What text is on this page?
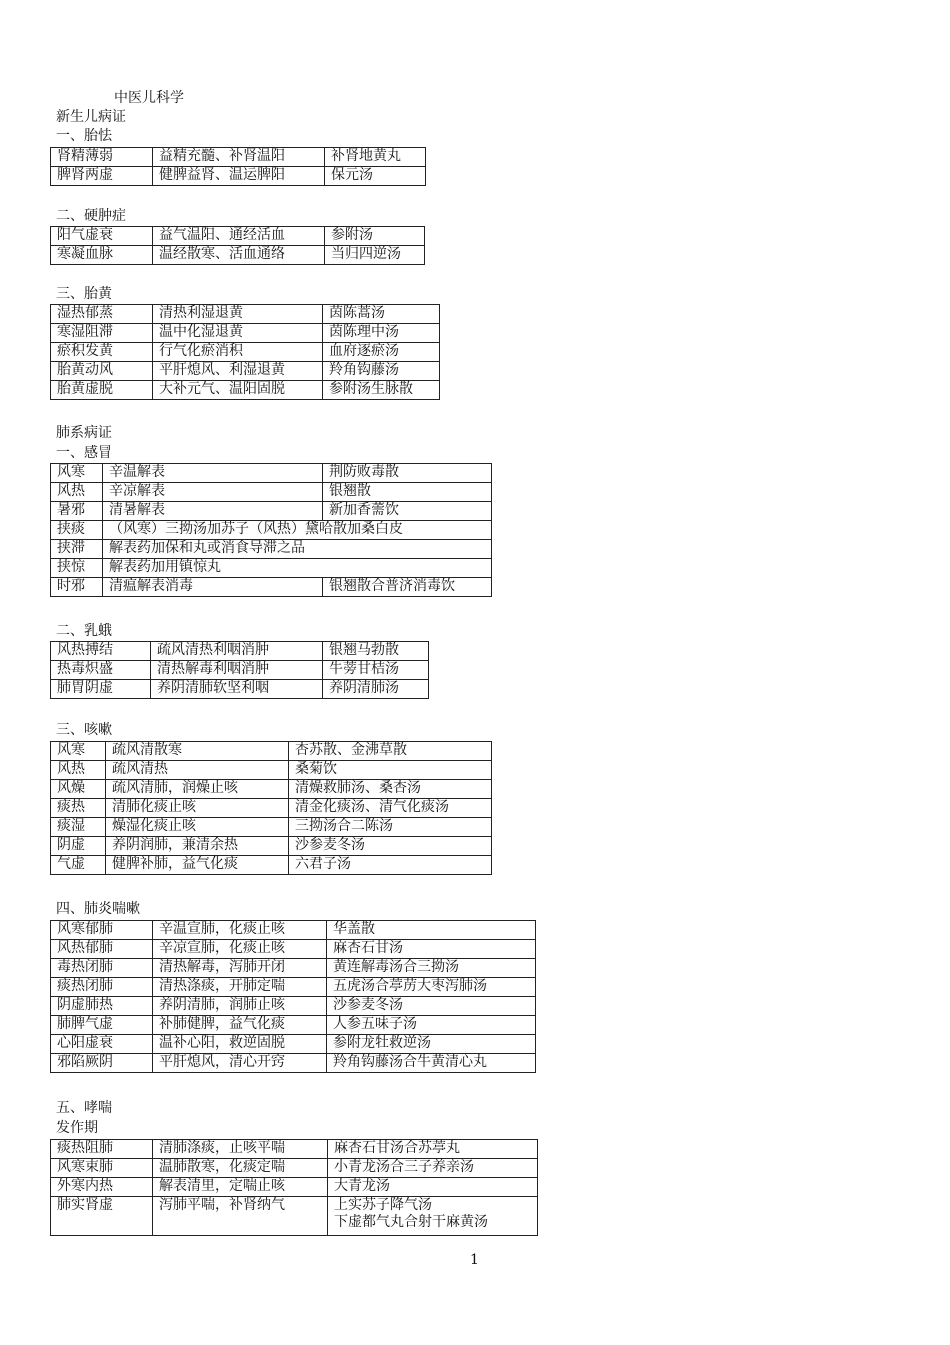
中医儿科学
新生儿病证
一、胎怯
肾精薄弱	益精充髓、补肾温阳	补肾地黄丸
脾肾两虚	健脾益肾、温运脾阳	保元汤
二、硬肿症
阳气虚衰	益气温阳、通经活血	参附汤
寒凝血脉	温经散寒、活血通络	当归四逆汤
三、胎黄
湿热郁蒸	清热利湿退黄	茵陈蒿汤
寒湿阻滞	温中化湿退黄	茵陈理中汤
瘀积发黄	行气化瘀消积	血府逐瘀汤
胎黄动风	平肝熄风、利湿退黄	羚角钩藤汤
胎黄虚脱	大补元气、温阳固脱	参附汤生脉散
肺系病证
一、感冒
风寒	辛温解表	荆防败毒散
风热	辛凉解表	银翘散
暑邪	清暑解表	新加香薷饮
挟痰	（风寒）三拗汤加苏子（风热）黛哈散加桑白皮	
挟滞	解表药加保和丸或消食导滞之品	
挟惊	解表药加用镇惊丸	
时邪	清瘟解表消毒	银翘散合普济消毒饮
二、乳蛾
风热搏结	疏风清热利咽消肿	银翘马勃散
热毒炽盛	清热解毒利咽消肿	牛蒡甘桔汤
肺胃阴虚	养阴清肺软坚利咽	养阴清肺汤
三、咳嗽
风寒	疏风清散寒	杏苏散、金沸草散
风热	疏风清热	桑菊饮
风燥	疏风清肺，润燥止咳	清燥救肺汤、桑杏汤
痰热	清肺化痰止咳	清金化痰汤、清气化痰汤
痰湿	燥湿化痰止咳	三拗汤合二陈汤
阴虚	养阴润肺，兼清余热	沙参麦冬汤
气虚	健脾补肺，益气化痰	六君子汤
四、肺炎喘嗽
风寒郁肺	辛温宣肺，化痰止咳	华盖散
风热郁肺	辛凉宣肺，化痰止咳	麻杏石甘汤
毒热闭肺	清热解毒，泻肺开闭	黄连解毒汤合三拗汤
痰热闭肺	清热涤痰，开肺定喘	五虎汤合葶苈大枣泻肺汤
阴虚肺热	养阴清肺，润肺止咳	沙参麦冬汤
肺脾气虚	补肺健脾，益气化痰	人参五味子汤
心阳虚衰	温补心阳，救逆固脱	参附龙牡救逆汤
邪陷厥阴	平肝熄风，清心开窍	羚角钩藤汤合牛黄清心丸
五、哮喘
发作期
痰热阻肺	清肺涤痰，止咳平喘	麻杏石甘汤合苏葶丸
风寒束肺	温肺散寒，化痰定喘	小青龙汤合三子养亲汤
外寒内热	解表清里，定喘止咳	大青龙汤
肺实肾虚	泻肺平喘，补肾纳气	上实苏子降气汤
下虚都气丸合射干麻黄汤
1
